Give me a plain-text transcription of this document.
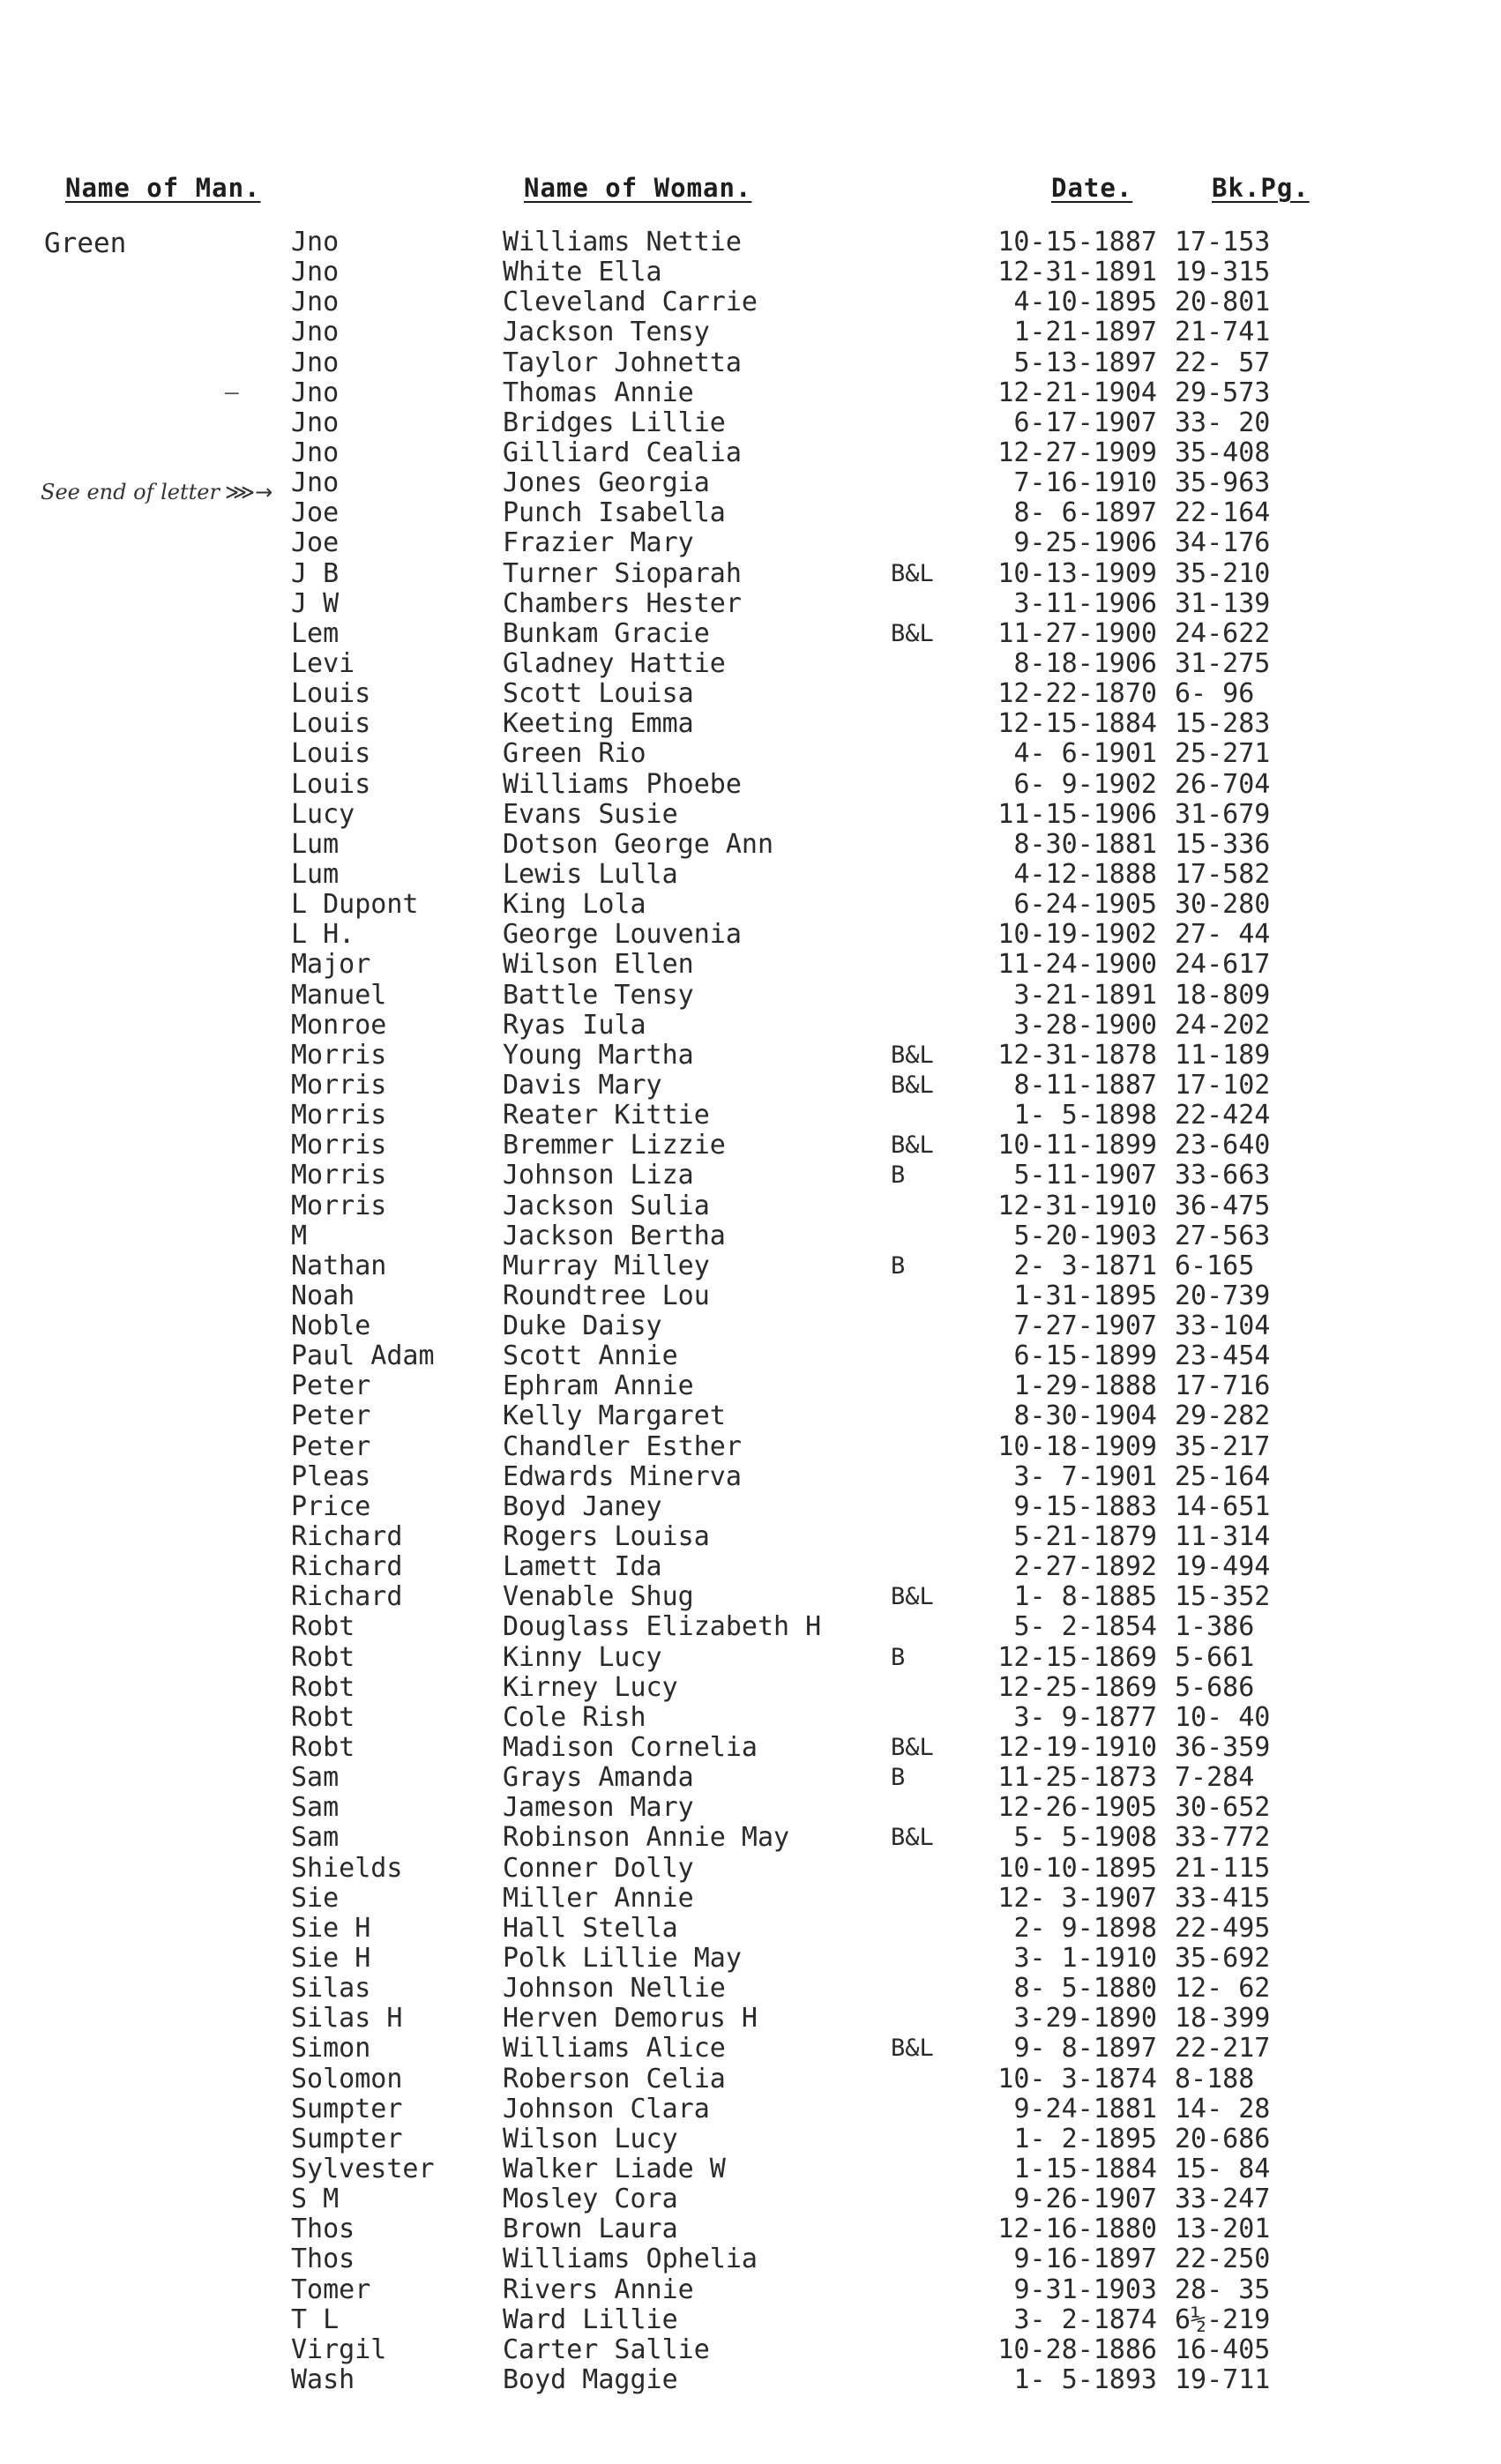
Name of Man.	Name of Woman.	Date.	Bk.Pg.
Green
–
See end of letter ⋙→
Jno	Williams Nettie	10-15-1887 17-153
Jno	White Ella	12-31-1891 19-315
Jno	Cleveland Carrie	4-10-1895 20-801
Jno	Jackson Tensy	1-21-1897 21-741
Jno	Taylor Johnetta	5-13-1897 22- 57
Jno	Thomas Annie	12-21-1904 29-573
Jno	Bridges Lillie	6-17-1907 33- 20
Jno	Gilliard Cealia	12-27-1909 35-408
Jno	Jones Georgia	7-16-1910 35-963
Joe	Punch Isabella	8- 6-1897 22-164
Joe	Frazier Mary	9-25-1906 34-176
J B	Turner Sioparah	B&L 10-13-1909 35-210
J W	Chambers Hester	3-11-1906 31-139
Lem	Bunkam Gracie	B&L 11-27-1900 24-622
Levi	Gladney Hattie	8-18-1906 31-275
Louis	Scott Louisa	12-22-1870 6- 96
Louis	Keeting Emma	12-15-1884 15-283
Louis	Green Rio	4- 6-1901 25-271
Louis	Williams Phoebe	6- 9-1902 26-704
Lucy	Evans Susie	11-15-1906 31-679
Lum	Dotson George Ann	8-30-1881 15-336
Lum	Lewis Lulla	4-12-1888 17-582
L Dupont	King Lola	6-24-1905 30-280
L H.	George Louvenia	10-19-1902 27- 44
Major	Wilson Ellen	11-24-1900 24-617
Manuel	Battle Tensy	3-21-1891 18-809
Monroe	Ryas Iula	3-28-1900 24-202
Morris	Young Martha	B&L 12-31-1878 11-189
Morris	Davis Mary	B&L	8-11-1887 17-102
Morris	Reater Kittie	1- 5-1898 22-424
Morris	Bremmer Lizzie	B&L 10-11-1899 23-640
Morris	Johnson Liza	B	5-11-1907 33-663
Morris	Jackson Sulia	12-31-1910 36-475
M	Jackson Bertha	5-20-1903 27-563
Nathan	Murray Milley	B	2- 3-1871 6-165
Noah	Roundtree Lou	1-31-1895 20-739
Noble	Duke Daisy	7-27-1907 33-104
Paul Adam	Scott Annie	6-15-1899 23-454
Peter	Ephram Annie	1-29-1888 17-716
Peter	Kelly Margaret	8-30-1904 29-282
Peter	Chandler Esther	10-18-1909 35-217
Pleas	Edwards Minerva	3- 7-1901 25-164
Price	Boyd Janey	9-15-1883 14-651
Richard	Rogers Louisa	5-21-1879 11-314
Richard	Lamett Ida	2-27-1892 19-494
Richard	Venable Shug	B&L	1- 8-1885 15-352
Robt	Douglass Elizabeth H	5- 2-1854 1-386
Robt	Kinny Lucy	B	12-15-1869 5-661
Robt	Kirney Lucy	12-25-1869 5-686
Robt	Cole Rish	3- 9-1877 10- 40
Robt	Madison Cornelia	B&L 12-19-1910 36-359
Sam	Grays Amanda	B	11-25-1873 7-284
Sam	Jameson Mary	12-26-1905 30-652
Sam	Robinson Annie May	B&L	5- 5-1908 33-772
Shields	Conner Dolly	10-10-1895 21-115
Sie	Miller Annie	12- 3-1907 33-415
Sie H	Hall Stella	2- 9-1898 22-495
Sie H	Polk Lillie May	3- 1-1910 35-692
Silas	Johnson Nellie	8- 5-1880 12- 62
Silas H	Herven Demorus H	3-29-1890 18-399
Simon	Williams Alice	B&L	9- 8-1897 22-217
Solomon	Roberson Celia	10- 3-1874 8-188
Sumpter	Johnson Clara	9-24-1881 14- 28
Sumpter	Wilson Lucy	1- 2-1895 20-686
Sylvester	Walker Liade W	1-15-1884 15- 84
S M	Mosley Cora	9-26-1907 33-247
Thos	Brown Laura	12-16-1880 13-201
Thos	Williams Ophelia	9-16-1897 22-250
Tomer	Rivers Annie	9-31-1903 28- 35
T L	Ward Lillie	3- 2-1874 6½-219
Virgil	Carter Sallie	10-28-1886 16-405
Wash	Boyd Maggie	1- 5-1893 19-711
